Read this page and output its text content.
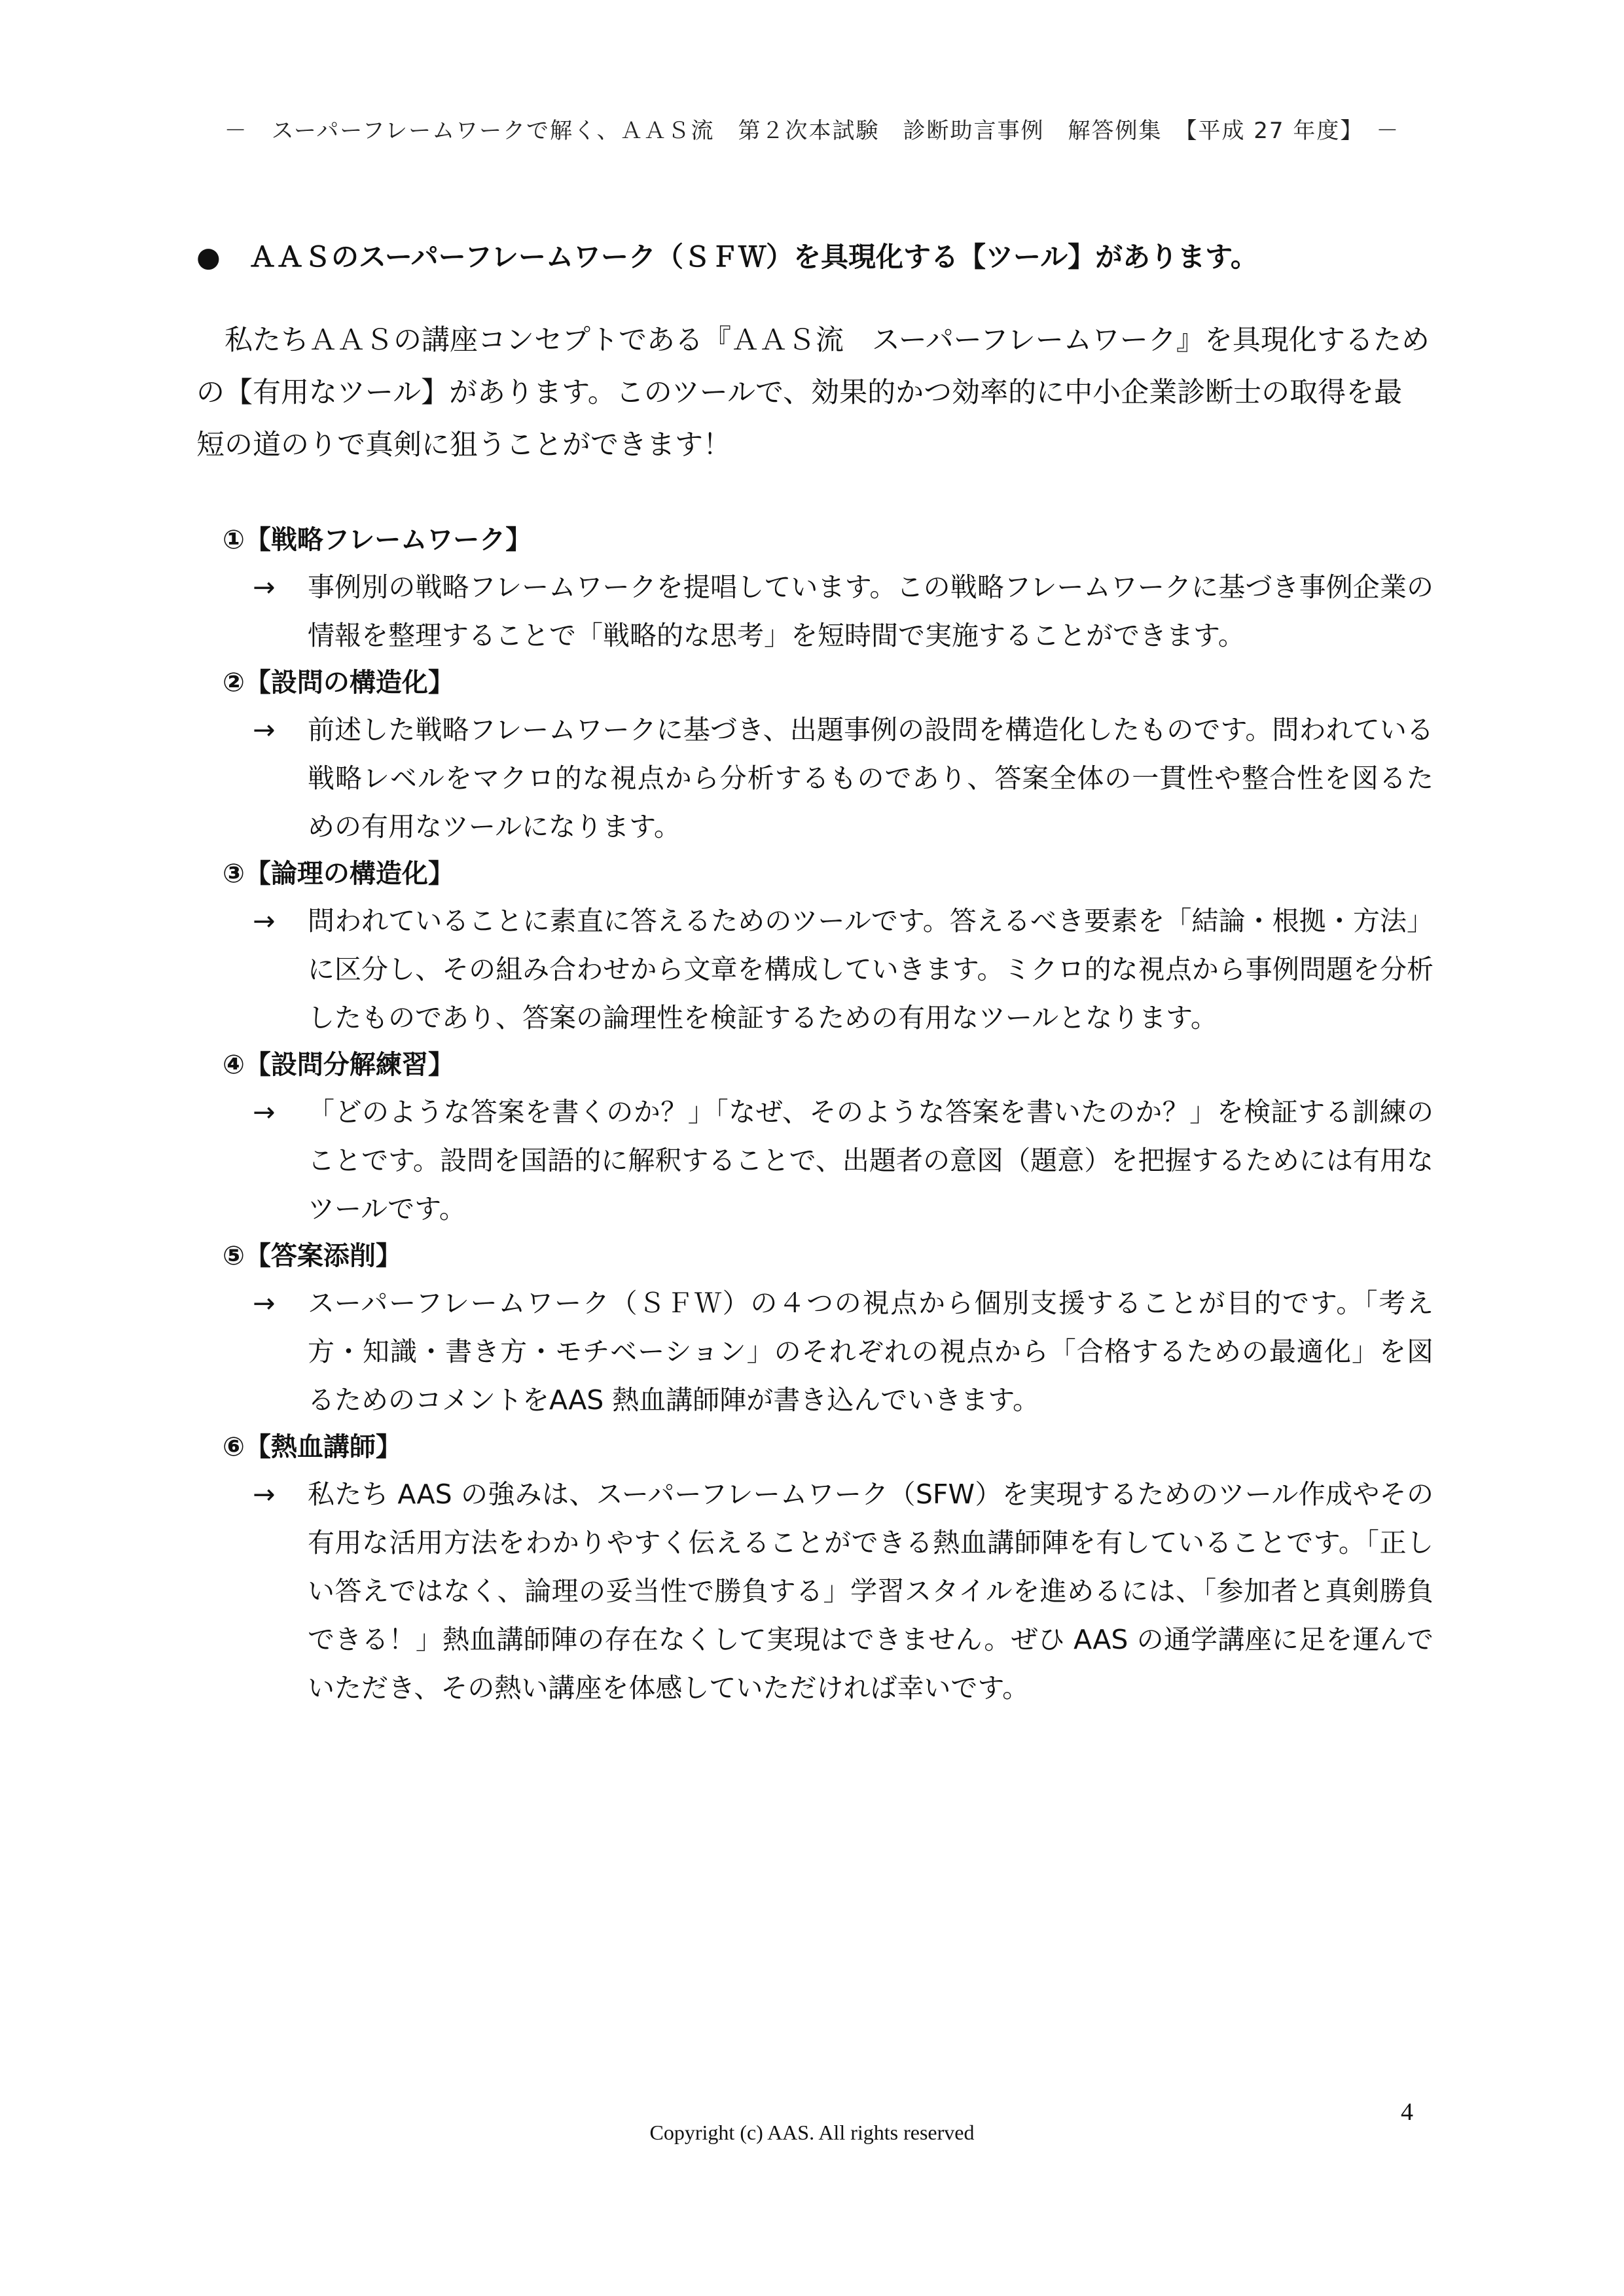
－　スーパーフレームワークで解く、ＡＡＳ流　第２次本試験　診断助言事例　解答例集　【平成 27 年度】　－
● ＡＡＳのスーパーフレームワーク（ＳＦＷ）を具現化する【ツール】があります。

私たちＡＡＳの講座コンセプトである『ＡＡＳ流　スーパーフレームワーク』を具現化するための【有用なツール】があります。このツールで、効果的かつ効率的に中小企業診断士の取得を最短の道のりで真剣に狙うことができます！

①【戦略フレームワーク】
→ 事例別の戦略フレームワークを提唱しています。この戦略フレームワークに基づき事例企業の情報を整理することで「戦略的な思考」を短時間で実施することができます。
②【設問の構造化】
→ 前述した戦略フレームワークに基づき、出題事例の設問を構造化したものです。問われている戦略レベルをマクロ的な視点から分析するものであり、答案全体の一貫性や整合性を図るための有用なツールになります。
③【論理の構造化】
→ 問われていることに素直に答えるためのツールです。答えるべき要素を「結論・根拠・方法」に区分し、その組み合わせから文章を構成していきます。ミクロ的な視点から事例問題を分析したものであり、答案の論理性を検証するための有用なツールとなります。
④【設問分解練習】
→ 「どのような答案を書くのか？」「なぜ、そのような答案を書いたのか？」を検証する訓練のことです。設問を国語的に解釈することで、出題者の意図（題意）を把握するためには有用なツールです。
⑤【答案添削】
→ スーパーフレームワーク（ＳＦＷ）の４つの視点から個別支援することが目的です。「考え方・知識・書き方・モチベーション」のそれぞれの視点から「合格するための最適化」を図るためのコメントをAAS 熱血講師陣が書き込んでいきます。
⑥【熱血講師】
→ 私たち AAS の強みは、スーパーフレームワーク（SFW）を実現するためのツール作成やその有用な活用方法をわかりやすく伝えることができる熱血講師陣を有していることです。「正しい答えではなく、論理の妥当性で勝負する」学習スタイルを進めるには、「参加者と真剣勝負できる！」熱血講師陣の存在なくして実現はできません。ぜひ AAS の通学講座に足を運んでいただき、その熱い講座を体感していただければ幸いです。
4
Copyright (c) AAS. All rights reserved
